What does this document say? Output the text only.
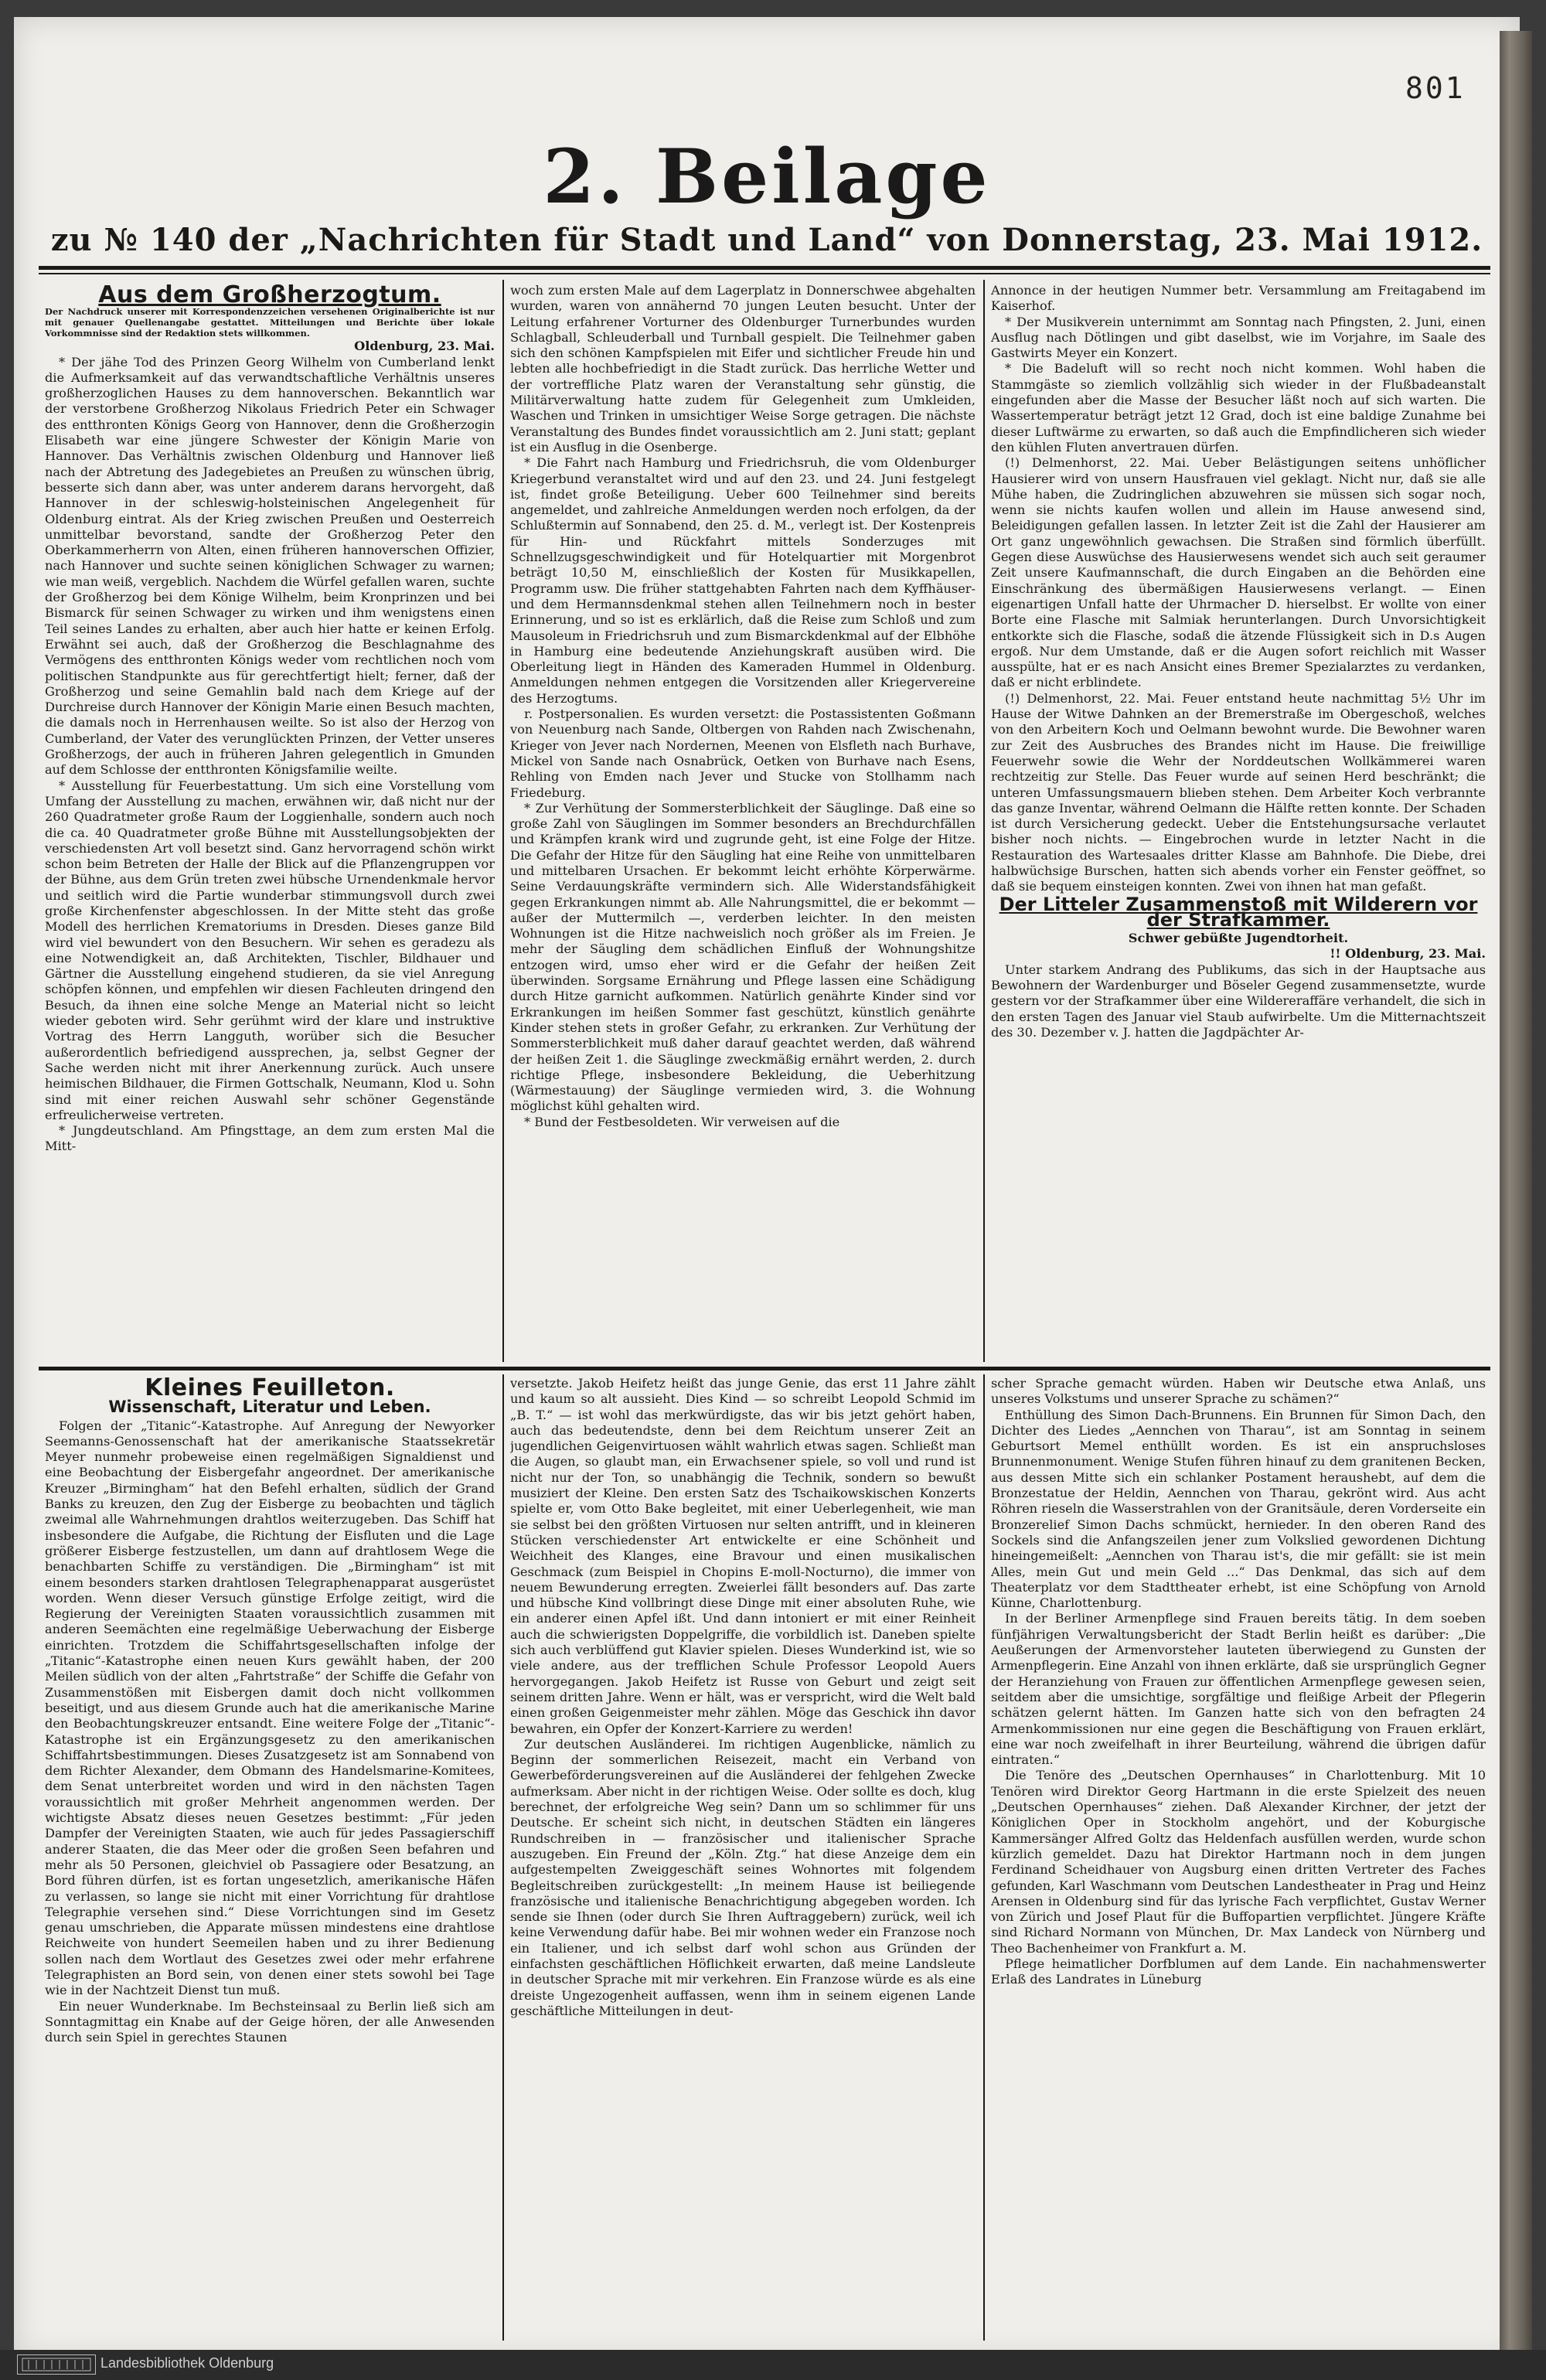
801
2. Beilage
zu № 140 der „Nachrichten für Stadt und Land“ von Donnerstag, 23. Mai 1912.
Aus dem Großherzogtum.

Der Nachdruck unserer mit Korrespondenzzeichen versehenen Originalberichte ist nur mit genauer Quellenangabe gestattet. Mitteilungen und Berichte über lokale Vorkommnisse sind der Redaktion stets willkommen.

Oldenburg, 23. Mai.

* Der jähe Tod des Prinzen Georg Wilhelm von Cumberland lenkt die Aufmerksamkeit auf das verwandtschaftliche Verhältnis unseres großherzoglichen Hauses zu dem hannoverschen. Bekanntlich war der verstorbene Großherzog Nikolaus Friedrich Peter ein Schwager des entthronten Königs Georg von Hannover, denn die Großherzogin Elisabeth war eine jüngere Schwester der Königin Marie von Hannover. Das Verhältnis zwischen Oldenburg und Hannover ließ nach der Abtretung des Jadegebietes an Preußen zu wünschen übrig, besserte sich dann aber, was unter anderem darans hervorgeht, daß Hannover in der schleswig-holsteinischen Angelegenheit für Oldenburg eintrat. Als der Krieg zwischen Preußen und Oesterreich unmittelbar bevorstand, sandte der Großherzog Peter den Oberkammerherrn von Alten, einen früheren hannoverschen Offizier, nach Hannover und suchte seinen königlichen Schwager zu warnen; wie man weiß, vergeblich. Nachdem die Würfel gefallen waren, suchte der Großherzog bei dem Könige Wilhelm, beim Kronprinzen und bei Bismarck für seinen Schwager zu wirken und ihm wenigstens einen Teil seines Landes zu erhalten, aber auch hier hatte er keinen Erfolg. Erwähnt sei auch, daß der Großherzog die Beschlagnahme des Vermögens des entthronten Königs weder vom rechtlichen noch vom politischen Standpunkte aus für gerechtfertigt hielt; ferner, daß der Großherzog und seine Gemahlin bald nach dem Kriege auf der Durchreise durch Hannover der Königin Marie einen Besuch machten, die damals noch in Herrenhausen weilte. So ist also der Herzog von Cumberland, der Vater des verunglückten Prinzen, der Vetter unseres Großherzogs, der auch in früheren Jahren gelegentlich in Gmunden auf dem Schlosse der entthronten Königsfamilie weilte.

* Ausstellung für Feuerbestattung. Um sich eine Vorstellung vom Umfang der Ausstellung zu machen, erwähnen wir, daß nicht nur der 260 Quadratmeter große Raum der Loggienhalle, sondern auch noch die ca. 40 Quadratmeter große Bühne mit Ausstellungsobjekten der verschiedensten Art voll besetzt sind. Ganz hervorragend schön wirkt schon beim Betreten der Halle der Blick auf die Pflanzengruppen vor der Bühne, aus dem Grün treten zwei hübsche Urnendenkmale hervor und seitlich wird die Partie wunderbar stimmungsvoll durch zwei große Kirchenfenster abgeschlossen. In der Mitte steht das große Modell des herrlichen Krematoriums in Dresden. Dieses ganze Bild wird viel bewundert von den Besuchern. Wir sehen es geradezu als eine Notwendigkeit an, daß Architekten, Tischler, Bildhauer und Gärtner die Ausstellung eingehend studieren, da sie viel Anregung schöpfen können, und empfehlen wir diesen Fachleuten dringend den Besuch, da ihnen eine solche Menge an Material nicht so leicht wieder geboten wird. Sehr gerühmt wird der klare und instruktive Vortrag des Herrn Langguth, worüber sich die Besucher außerordentlich befriedigend aussprechen, ja, selbst Gegner der Sache werden nicht mit ihrer Anerkennung zurück. Auch unsere heimischen Bildhauer, die Firmen Gottschalk, Neumann, Klod u. Sohn sind mit einer reichen Auswahl sehr schöner Gegenstände erfreulicherweise vertreten.

* Jungdeutschland. Am Pfingsttage, an dem zum ersten Mal die Mitt-

woch zum ersten Male auf dem Lagerplatz in Donnerschwee abgehalten wurden, waren von annähernd 70 jungen Leuten besucht. Unter der Leitung erfahrener Vorturner des Oldenburger Turnerbundes wurden Schlagball, Schleuderball und Turnball gespielt. Die Teilnehmer gaben sich den schönen Kampfspielen mit Eifer und sichtlicher Freude hin und lebten alle hochbefriedigt in die Stadt zurück. Das herrliche Wetter und der vortreffliche Platz waren der Veranstaltung sehr günstig, die Militärverwaltung hatte zudem für Gelegenheit zum Umkleiden, Waschen und Trinken in umsichtiger Weise Sorge getragen. Die nächste Veranstaltung des Bundes findet voraussichtlich am 2. Juni statt; geplant ist ein Ausflug in die Osenberge.

* Die Fahrt nach Hamburg und Friedrichsruh, die vom Oldenburger Kriegerbund veranstaltet wird und auf den 23. und 24. Juni festgelegt ist, findet große Beteiligung. Ueber 600 Teilnehmer sind bereits angemeldet, und zahlreiche Anmeldungen werden noch erfolgen, da der Schlußtermin auf Sonnabend, den 25. d. M., verlegt ist. Der Kostenpreis für Hin- und Rückfahrt mittels Sonderzuges mit Schnellzugsgeschwindigkeit und für Hotelquartier mit Morgenbrot beträgt 10,50 M, einschließlich der Kosten für Musikkapellen, Programm usw. Die früher stattgehabten Fahrten nach dem Kyffhäuser- und dem Hermannsdenkmal stehen allen Teilnehmern noch in bester Erinnerung, und so ist es erklärlich, daß die Reise zum Schloß und zum Mausoleum in Friedrichsruh und zum Bismarckdenkmal auf der Elbhöhe in Hamburg eine bedeutende Anziehungskraft ausüben wird. Die Oberleitung liegt in Händen des Kameraden Hummel in Oldenburg. Anmeldungen nehmen entgegen die Vorsitzenden aller Kriegervereine des Herzogtums.

r. Postpersonalien. Es wurden versetzt: die Postassistenten Goßmann von Neuenburg nach Sande, Oltbergen von Rahden nach Zwischenahn, Krieger von Jever nach Nordernen, Meenen von Elsfleth nach Burhave, Mickel von Sande nach Osnabrück, Oetken von Burhave nach Esens, Rehling von Emden nach Jever und Stucke von Stollhamm nach Friedeburg.

* Zur Verhütung der Sommersterblichkeit der Säuglinge. Daß eine so große Zahl von Säuglingen im Sommer besonders an Brechdurchfällen und Krämpfen krank wird und zugrunde geht, ist eine Folge der Hitze. Die Gefahr der Hitze für den Säugling hat eine Reihe von unmittelbaren und mittelbaren Ursachen. Er bekommt leicht erhöhte Körperwärme. Seine Verdauungskräfte vermindern sich. Alle Widerstandsfähigkeit gegen Erkrankungen nimmt ab. Alle Nahrungsmittel, die er bekommt — außer der Muttermilch —, verderben leichter. In den meisten Wohnungen ist die Hitze nachweislich noch größer als im Freien. Je mehr der Säugling dem schädlichen Einfluß der Wohnungshitze entzogen wird, umso eher wird er die Gefahr der heißen Zeit überwinden. Sorgsame Ernährung und Pflege lassen eine Schädigung durch Hitze garnicht aufkommen. Natürlich genährte Kinder sind vor Erkrankungen im heißen Sommer fast geschützt, künstlich genährte Kinder stehen stets in großer Gefahr, zu erkranken. Zur Verhütung der Sommersterblichkeit muß daher darauf geachtet werden, daß während der heißen Zeit 1. die Säuglinge zweckmäßig ernährt werden, 2. durch richtige Pflege, insbesondere Bekleidung, die Ueberhitzung (Wärmestauung) der Säuglinge vermieden wird, 3. die Wohnung möglichst kühl gehalten wird.

* Bund der Festbesoldeten. Wir verweisen auf die

Annonce in der heutigen Nummer betr. Versammlung am Freitagabend im Kaiserhof.

* Der Musikverein unternimmt am Sonntag nach Pfingsten, 2. Juni, einen Ausflug nach Dötlingen und gibt daselbst, wie im Vorjahre, im Saale des Gastwirts Meyer ein Konzert.

* Die Badeluft will so recht noch nicht kommen. Wohl haben die Stammgäste so ziemlich vollzählig sich wieder in der Flußbadeanstalt eingefunden aber die Masse der Besucher läßt noch auf sich warten. Die Wassertemperatur beträgt jetzt 12 Grad, doch ist eine baldige Zunahme bei dieser Luftwärme zu erwarten, so daß auch die Empfindlicheren sich wieder den kühlen Fluten anvertrauen dürfen.

(!) Delmenhorst, 22. Mai. Ueber Belästigungen seitens unhöflicher Hausierer wird von unsern Hausfrauen viel geklagt. Nicht nur, daß sie alle Mühe haben, die Zudringlichen abzuwehren sie müssen sich sogar noch, wenn sie nichts kaufen wollen und allein im Hause anwesend sind, Beleidigungen gefallen lassen. In letzter Zeit ist die Zahl der Hausierer am Ort ganz ungewöhnlich gewachsen. Die Straßen sind förmlich überfüllt. Gegen diese Auswüchse des Hausierwesens wendet sich auch seit geraumer Zeit unsere Kaufmannschaft, die durch Eingaben an die Behörden eine Einschränkung des übermäßigen Hausierwesens verlangt. — Einen eigenartigen Unfall hatte der Uhrmacher D. hierselbst. Er wollte von einer Borte eine Flasche mit Salmiak herunterlangen. Durch Unvorsichtigkeit entkorkte sich die Flasche, sodaß die ätzende Flüssigkeit sich in D.s Augen ergoß. Nur dem Umstande, daß er die Augen sofort reichlich mit Wasser ausspülte, hat er es nach Ansicht eines Bremer Spezialarztes zu verdanken, daß er nicht erblindete.

(!) Delmenhorst, 22. Mai. Feuer entstand heute nachmittag 5½ Uhr im Hause der Witwe Dahnken an der Bremerstraße im Obergeschoß, welches von den Arbeitern Koch und Oelmann bewohnt wurde. Die Bewohner waren zur Zeit des Ausbruches des Brandes nicht im Hause. Die freiwillige Feuerwehr sowie die Wehr der Norddeutschen Wollkämmerei waren rechtzeitig zur Stelle. Das Feuer wurde auf seinen Herd beschränkt; die unteren Umfassungsmauern blieben stehen. Dem Arbeiter Koch verbrannte das ganze Inventar, während Oelmann die Hälfte retten konnte. Der Schaden ist durch Versicherung gedeckt. Ueber die Entstehungsursache verlautet bisher noch nichts. — Eingebrochen wurde in letzter Nacht in die Restauration des Wartesaales dritter Klasse am Bahnhofe. Die Diebe, drei halbwüchsige Burschen, hatten sich abends vorher ein Fenster geöffnet, so daß sie bequem einsteigen konnten. Zwei von ihnen hat man gefaßt.

Der Litteler Zusammenstoß mit Wilderern vor der Strafkammer.

Schwer gebüßte Jugendtorheit.

!! Oldenburg, 23. Mai.

Unter starkem Andrang des Publikums, das sich in der Hauptsache aus Bewohnern der Wardenburger und Böseler Gegend zusammensetzte, wurde gestern vor der Strafkammer über eine Wildereraffäre verhandelt, die sich in den ersten Tagen des Januar viel Staub aufwirbelte. Um die Mitternachtszeit des 30. Dezember v. J. hatten die Jagdpächter Ar-

Kleines Feuilleton.
Wissenschaft, Literatur und Leben.

Folgen der „Titanic“-Katastrophe. Auf Anregung der Newyorker Seemanns-Genossenschaft hat der amerikanische Staatssekretär Meyer nunmehr probeweise einen regelmäßigen Signaldienst und eine Beobachtung der Eisbergefahr angeordnet. Der amerikanische Kreuzer „Birmingham“ hat den Befehl erhalten, südlich der Grand Banks zu kreuzen, den Zug der Eisberge zu beobachten und täglich zweimal alle Wahrnehmungen drahtlos weiterzugeben. Das Schiff hat insbesondere die Aufgabe, die Richtung der Eisfluten und die Lage größerer Eisberge festzustellen, um dann auf drahtlosem Wege die benachbarten Schiffe zu verständigen. Die „Birmingham“ ist mit einem besonders starken drahtlosen Telegraphenapparat ausgerüstet worden. Wenn dieser Versuch günstige Erfolge zeitigt, wird die Regierung der Vereinigten Staaten voraussichtlich zusammen mit anderen Seemächten eine regelmäßige Ueberwachung der Eisberge einrichten. Trotzdem die Schiffahrtsgesellschaften infolge der „Titanic“-Katastrophe einen neuen Kurs gewählt haben, der 200 Meilen südlich von der alten „Fahrtstraße“ der Schiffe die Gefahr von Zusammenstößen mit Eisbergen damit doch nicht vollkommen beseitigt, und aus diesem Grunde auch hat die amerikanische Marine den Beobachtungskreuzer entsandt. Eine weitere Folge der „Titanic“-Katastrophe ist ein Ergänzungsgesetz zu den amerikanischen Schiffahrtsbestimmungen. Dieses Zusatzgesetz ist am Sonnabend von dem Richter Alexander, dem Obmann des Handelsmarine-Komitees, dem Senat unterbreitet worden und wird in den nächsten Tagen voraussichtlich mit großer Mehrheit angenommen werden. Der wichtigste Absatz dieses neuen Gesetzes bestimmt: „Für jeden Dampfer der Vereinigten Staaten, wie auch für jedes Passagierschiff anderer Staaten, die das Meer oder die großen Seen befahren und mehr als 50 Personen, gleichviel ob Passagiere oder Besatzung, an Bord führen dürfen, ist es fortan ungesetzlich, amerikanische Häfen zu verlassen, so lange sie nicht mit einer Vorrichtung für drahtlose Telegraphie versehen sind.“ Diese Vorrichtungen sind im Gesetz genau umschrieben, die Apparate müssen mindestens eine drahtlose Reichweite von hundert Seemeilen haben und zu ihrer Bedienung sollen nach dem Wortlaut des Gesetzes zwei oder mehr erfahrene Telegraphisten an Bord sein, von denen einer stets sowohl bei Tage wie in der Nachtzeit Dienst tun muß.

Ein neuer Wunderknabe. Im Bechsteinsaal zu Berlin ließ sich am Sonntagmittag ein Knabe auf der Geige hören, der alle Anwesenden durch sein Spiel in gerechtes Staunen

versetzte. Jakob Heifetz heißt das junge Genie, das erst 11 Jahre zählt und kaum so alt aussieht. Dies Kind — so schreibt Leopold Schmid im „B. T.“ — ist wohl das merkwürdigste, das wir bis jetzt gehört haben, auch das bedeutendste, denn bei dem Reichtum unserer Zeit an jugendlichen Geigenvirtuosen wählt wahrlich etwas sagen. Schließt man die Augen, so glaubt man, ein Erwachsener spiele, so voll und rund ist nicht nur der Ton, so unabhängig die Technik, sondern so bewußt musiziert der Kleine. Den ersten Satz des Tschaikowskischen Konzerts spielte er, vom Otto Bake begleitet, mit einer Ueberlegenheit, wie man sie selbst bei den größten Virtuosen nur selten antrifft, und in kleineren Stücken verschiedenster Art entwickelte er eine Schönheit und Weichheit des Klanges, eine Bravour und einen musikalischen Geschmack (zum Beispiel in Chopins E-moll-Nocturno), die immer von neuem Bewunderung erregten. Zweierlei fällt besonders auf. Das zarte und hübsche Kind vollbringt diese Dinge mit einer absoluten Ruhe, wie ein anderer einen Apfel ißt. Und dann intoniert er mit einer Reinheit auch die schwierigsten Doppelgriffe, die vorbildlich ist. Daneben spielte sich auch verblüffend gut Klavier spielen. Dieses Wunderkind ist, wie so viele andere, aus der trefflichen Schule Professor Leopold Auers hervorgegangen. Jakob Heifetz ist Russe von Geburt und zeigt seit seinem dritten Jahre. Wenn er hält, was er verspricht, wird die Welt bald einen großen Geigenmeister mehr zählen. Möge das Geschick ihn davor bewahren, ein Opfer der Konzert-Karriere zu werden!

Zur deutschen Ausländerei. Im richtigen Augenblicke, nämlich zu Beginn der sommerlichen Reisezeit, macht ein Verband von Gewerbeförderungsvereinen auf die Ausländerei der fehlgehen Zwecke aufmerksam. Aber nicht in der richtigen Weise. Oder sollte es doch, klug berechnet, der erfolgreiche Weg sein? Dann um so schlimmer für uns Deutsche. Er scheint sich nicht, in deutschen Städten ein längeres Rundschreiben in — französischer und italienischer Sprache auszugeben. Ein Freund der „Köln. Ztg.“ hat diese Anzeige dem ein aufgestempelten Zweiggeschäft seines Wohnortes mit folgendem Begleitschreiben zurückgestellt: „In meinem Hause ist beiliegende französische und italienische Benachrichtigung abgegeben worden. Ich sende sie Ihnen (oder durch Sie Ihren Auftraggebern) zurück, weil ich keine Verwendung dafür habe. Bei mir wohnen weder ein Franzose noch ein Italiener, und ich selbst darf wohl schon aus Gründen der einfachsten geschäftlichen Höflichkeit erwarten, daß meine Landsleute in deutscher Sprache mit mir verkehren. Ein Franzose würde es als eine dreiste Ungezogenheit auffassen, wenn ihm in seinem eigenen Lande geschäftliche Mitteilungen in deut-

scher Sprache gemacht würden. Haben wir Deutsche etwa Anlaß, uns unseres Volkstums und unserer Sprache zu schämen?“

Enthüllung des Simon Dach-Brunnens. Ein Brunnen für Simon Dach, den Dichter des Liedes „Aennchen von Tharau“, ist am Sonntag in seinem Geburtsort Memel enthüllt worden. Es ist ein anspruchsloses Brunnenmonument. Wenige Stufen führen hinauf zu dem granitenen Becken, aus dessen Mitte sich ein schlanker Postament heraushebt, auf dem die Bronzestatue der Heldin, Aennchen von Tharau, gekrönt wird. Aus acht Röhren rieseln die Wasserstrahlen von der Granitsäule, deren Vorderseite ein Bronzerelief Simon Dachs schmückt, hernieder. In den oberen Rand des Sockels sind die Anfangszeilen jener zum Volkslied gewordenen Dichtung hineingemeißelt: „Aennchen von Tharau ist's, die mir gefällt: sie ist mein Alles, mein Gut und mein Geld ...“ Das Denkmal, das sich auf dem Theaterplatz vor dem Stadttheater erhebt, ist eine Schöpfung von Arnold Künne, Charlottenburg.

In der Berliner Armenpflege sind Frauen bereits tätig. In dem soeben fünfjährigen Verwaltungsbericht der Stadt Berlin heißt es darüber: „Die Aeußerungen der Armenvorsteher lauteten überwiegend zu Gunsten der Armenpflegerin. Eine Anzahl von ihnen erklärte, daß sie ursprünglich Gegner der Heranziehung von Frauen zur öffentlichen Armenpflege gewesen seien, seitdem aber die umsichtige, sorgfältige und fleißige Arbeit der Pflegerin schätzen gelernt hätten. Im Ganzen hatte sich von den befragten 24 Armenkommissionen nur eine gegen die Beschäftigung von Frauen erklärt, eine war noch zweifelhaft in ihrer Beurteilung, während die übrigen dafür eintraten.“

Die Tenöre des „Deutschen Opernhauses“ in Charlottenburg. Mit 10 Tenören wird Direktor Georg Hartmann in die erste Spielzeit des neuen „Deutschen Opernhauses“ ziehen. Daß Alexander Kirchner, der jetzt der Königlichen Oper in Stockholm angehört, und der Koburgische Kammersänger Alfred Goltz das Heldenfach ausfüllen werden, wurde schon kürzlich gemeldet. Dazu hat Direktor Hartmann noch in dem jungen Ferdinand Scheidhauer von Augsburg einen dritten Vertreter des Faches gefunden, Karl Waschmann vom Deutschen Landestheater in Prag und Heinz Arensen in Oldenburg sind für das lyrische Fach verpflichtet, Gustav Werner von Zürich und Josef Plaut für die Buffopartien verpflichtet. Jüngere Kräfte sind Richard Normann von München, Dr. Max Landeck von Nürnberg und Theo Bachenheimer von Frankfurt a. M.

Pflege heimatlicher Dorfblumen auf dem Lande. Ein nachahmenswerter Erlaß des Landrates in Lüneburg

Landesbibliothek Oldenburg
